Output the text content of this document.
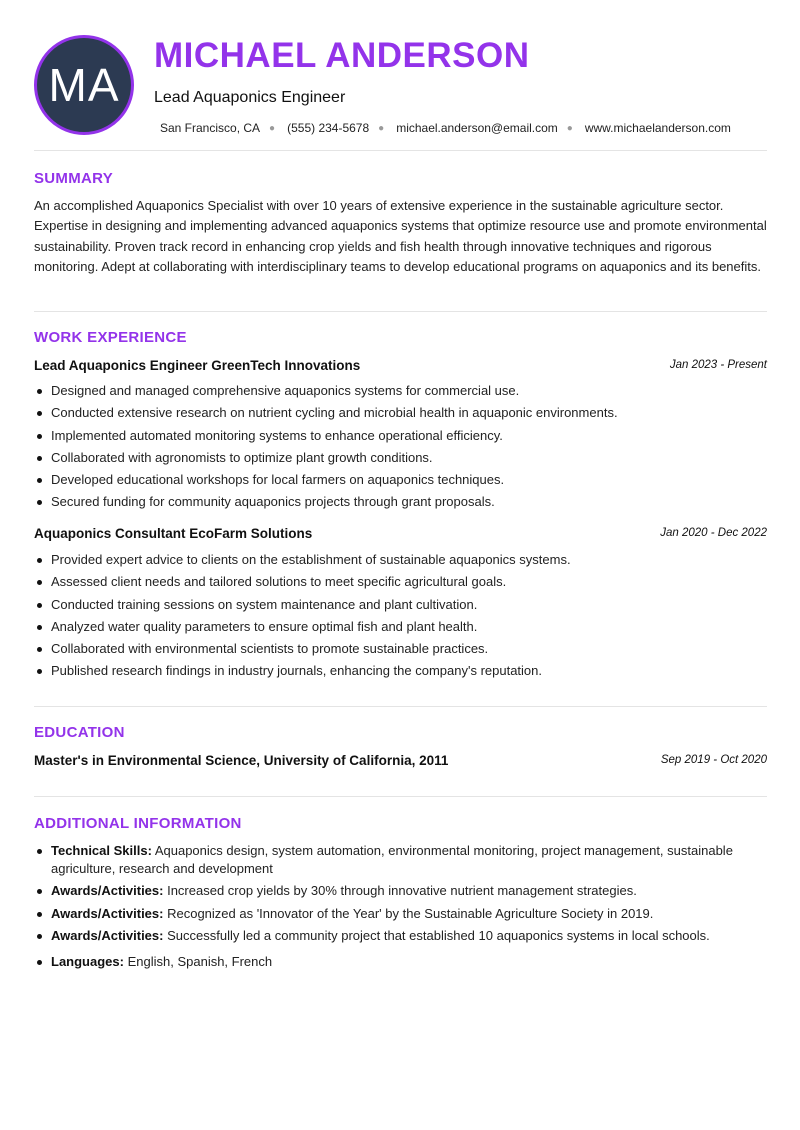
MA
MICHAEL ANDERSON
Lead Aquaponics Engineer
San Francisco, CA ● (555) 234-5678 ● michael.anderson@email.com ● www.michaelanderson.com
SUMMARY

An accomplished Aquaponics Specialist with over 10 years of extensive experience in the sustainable agriculture sector. Expertise in designing and implementing advanced aquaponics systems that optimize resource use and promote environmental sustainability. Proven track record in enhancing crop yields and fish health through innovative techniques and rigorous monitoring. Adept at collaborating with interdisciplinary teams to develop educational programs on aquaponics and its benefits.

WORK EXPERIENCE
Lead Aquaponics Engineer GreenTech Innovations	Jan 2023 - Present
Designed and managed comprehensive aquaponics systems for commercial use.
Conducted extensive research on nutrient cycling and microbial health in aquaponic environments.
Implemented automated monitoring systems to enhance operational efficiency.
Collaborated with agronomists to optimize plant growth conditions.
Developed educational workshops for local farmers on aquaponics techniques.
Secured funding for community aquaponics projects through grant proposals.
Aquaponics Consultant EcoFarm Solutions	Jan 2020 - Dec 2022
Provided expert advice to clients on the establishment of sustainable aquaponics systems.
Assessed client needs and tailored solutions to meet specific agricultural goals.
Conducted training sessions on system maintenance and plant cultivation.
Analyzed water quality parameters to ensure optimal fish and plant health.
Collaborated with environmental scientists to promote sustainable practices.
Published research findings in industry journals, enhancing the company's reputation.
EDUCATION
Master's in Environmental Science, University of California, 2011	Sep 2019 - Oct 2020
ADDITIONAL INFORMATION
Technical Skills: Aquaponics design, system automation, environmental monitoring, project management, sustainable agriculture, research and development
Awards/Activities: Increased crop yields by 30% through innovative nutrient management strategies.
Awards/Activities: Recognized as 'Innovator of the Year' by the Sustainable Agriculture Society in 2019.
Awards/Activities: Successfully led a community project that established 10 aquaponics systems in local schools.
Languages: English, Spanish, French
